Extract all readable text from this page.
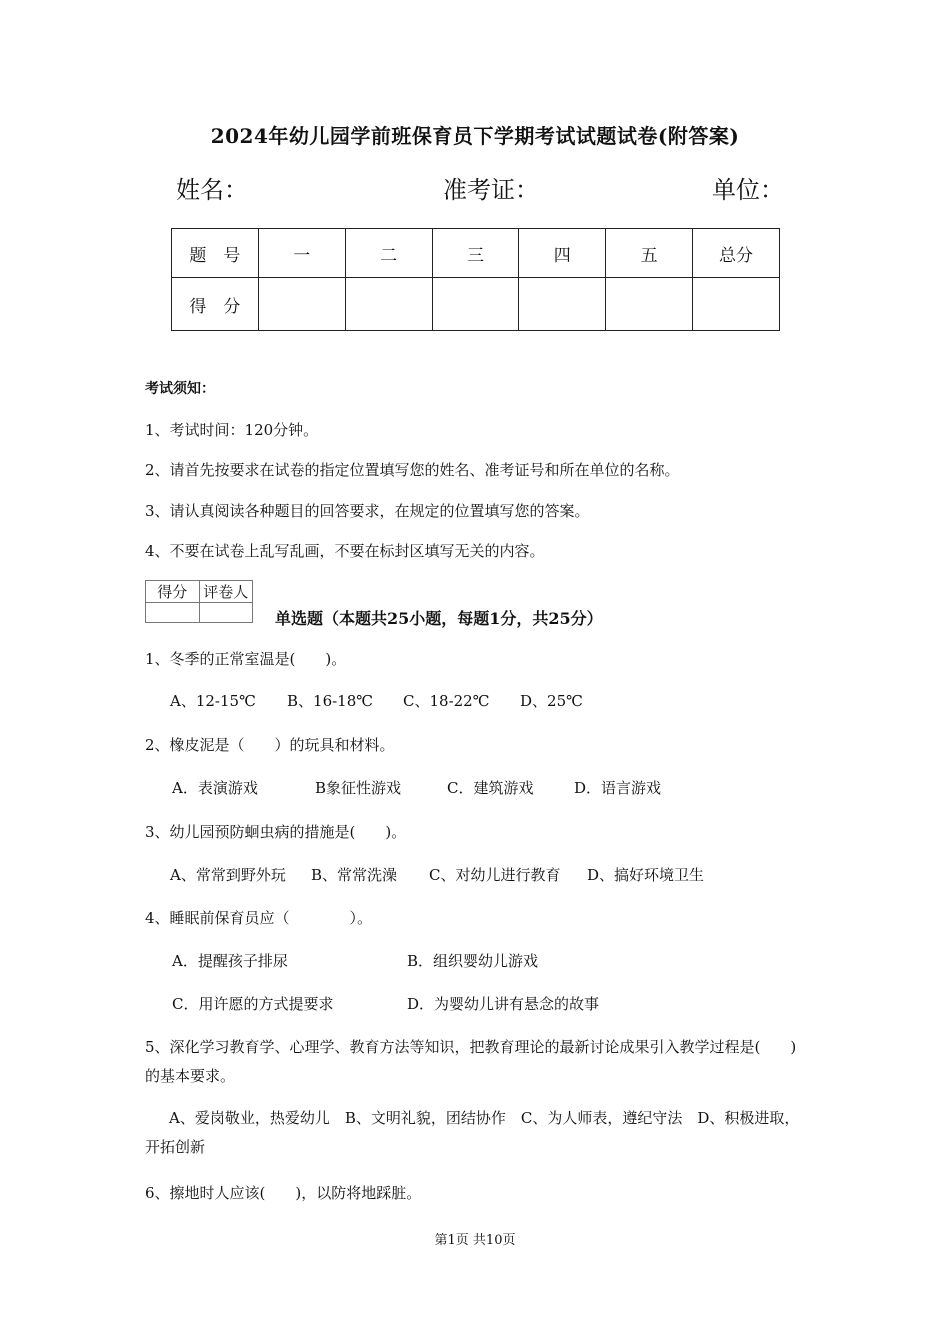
2024年幼儿园学前班保育员下学期考试试题试卷(附答案)
姓名：	准考证：	单位：
题　号	一	二	三	四	五	总分
得　分						
考试须知：
1、考试时间：120分钟。
2、请首先按要求在试卷的指定位置填写您的姓名、准考证号和所在单位的名称。
3、请认真阅读各种题目的回答要求，在规定的位置填写您的答案。
4、不要在试卷上乱写乱画，不要在标封区填写无关的内容。
得分	评卷人

单选题（本题共25小题，每题1分，共25分）
1、冬季的正常室温是(　　)。
A、12-15℃ B、16-18℃ C、18-22℃ D、25℃
2、橡皮泥是（　　）的玩具和材料。
A．表演游戏	B象征性游戏	C．建筑游戏	D．语言游戏
3、幼儿园预防蛔虫病的措施是(　　)。
A、常常到野外玩 B、常常洗澡 C、对幼儿进行教育 D、搞好环境卫生
4、睡眠前保育员应（　　　　）。
A．提醒孩子排尿	B．组织婴幼儿游戏
C．用许愿的方式提要求	D．为婴幼儿讲有悬念的故事
5、深化学习教育学、心理学、教育方法等知识，把教育理论的最新讨论成果引入教学过程是(　　)的基本要求。
A、爱岗敬业，热爱幼儿　B、文明礼貌，团结协作　C、为人师表，遵纪守法　D、积极进取，开拓创新
6、擦地时人应该(　　)，以防将地踩脏。
第1页 共10页
